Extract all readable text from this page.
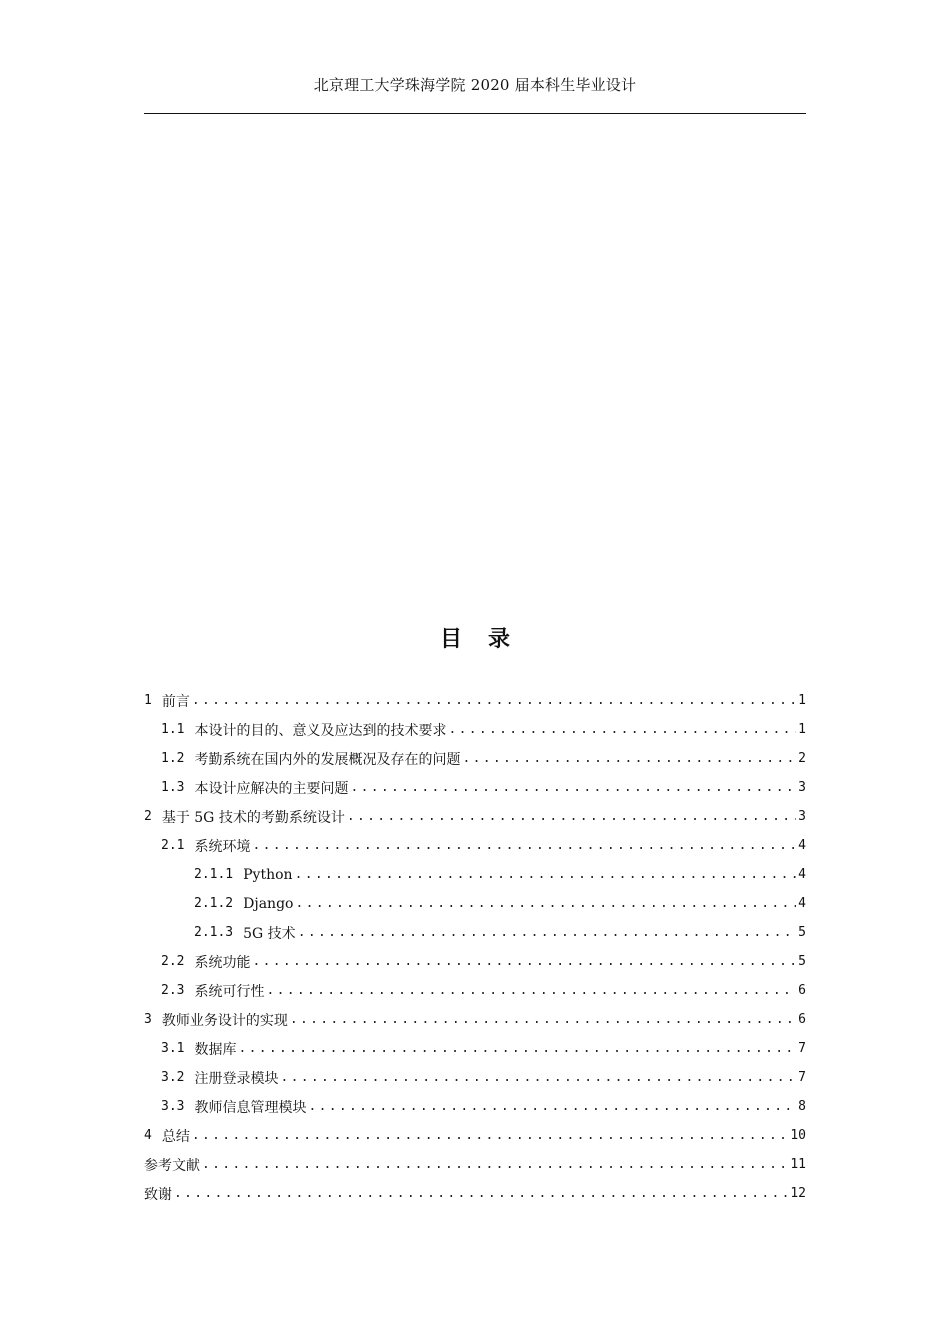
北京理工大学珠海学院 2020 届本科生毕业设计
目录
1 前言 .....	1
1.1 本设计的目的、意义及应达到的技术要求 .....	1
1.2 考勤系统在国内外的发展概况及存在的问题 .....	2
1.3 本设计应解决的主要问题 .....	3
2 基于 5G 技术的考勤系统设计 .....	3
2.1 系统环境 .....	4
2.1.1 Python .....	4
2.1.2 Django .....	4
2.1.3 5G 技术 .....	5
2.2 系统功能 .....	5
2.3 系统可行性 .....	6
3 教师业务设计的实现 .....	6
3.1 数据库 .....	7
3.2 注册登录模块 .....	7
3.3 教师信息管理模块 .....	8
4 总结 .....	10
参考文献 .....	11
致谢 .....	12
